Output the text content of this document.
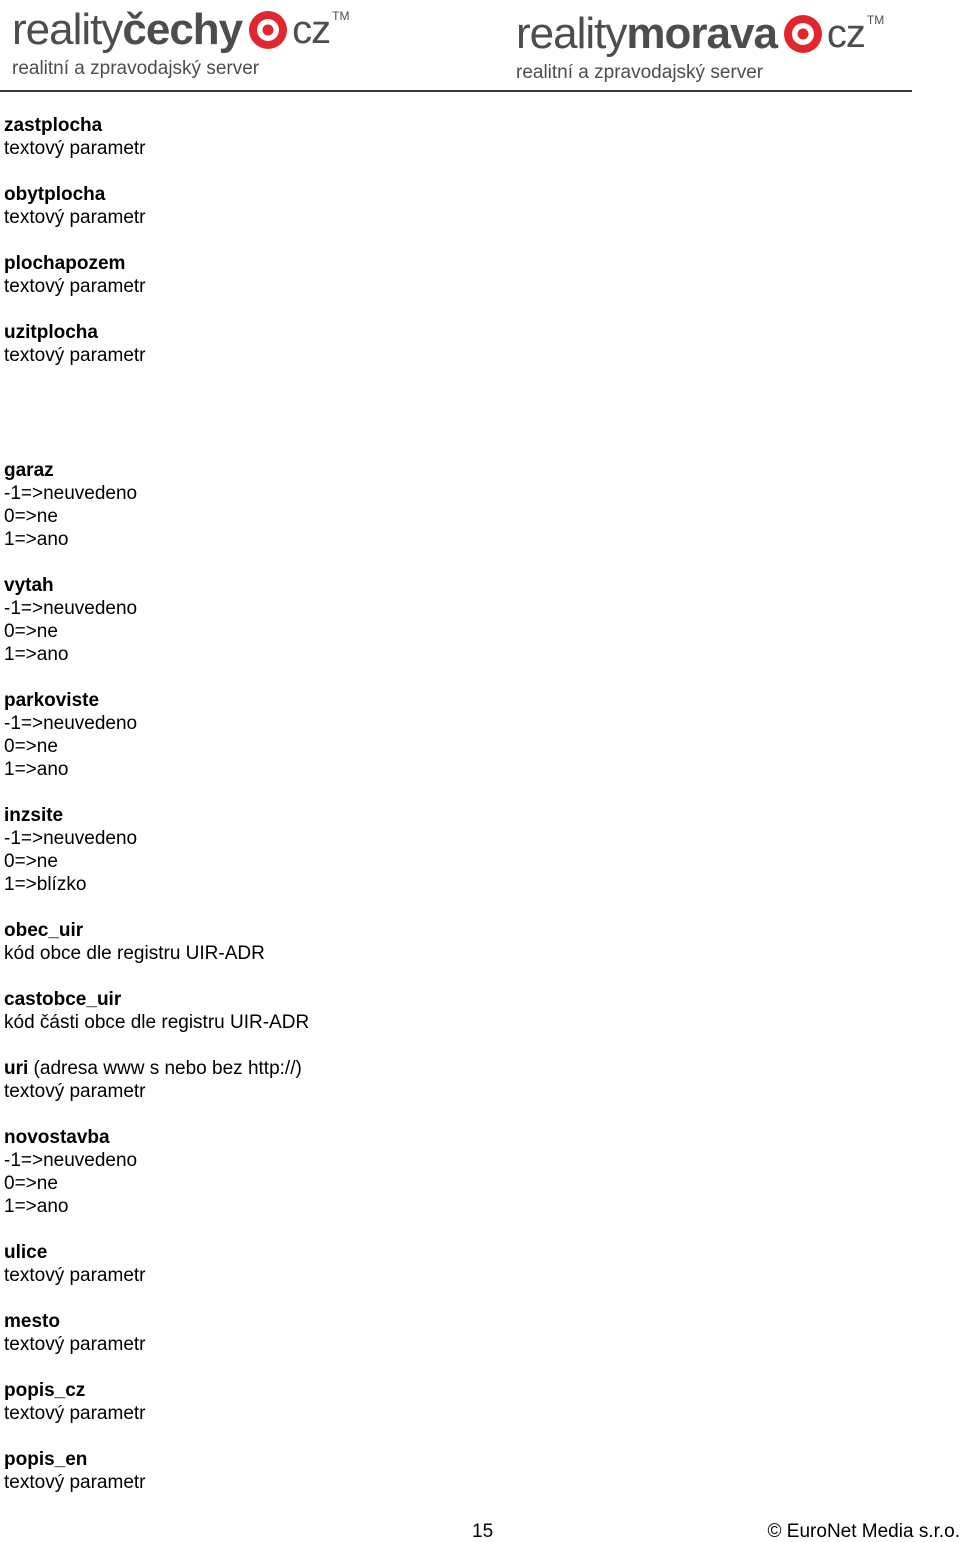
reality čechy cz TM
realitní a zpravodajský server
reality morava cz TM
realitní a zpravodajský server
zastplocha
textový parametr
obytplocha
textový parametr
plochapozem
textový parametr
uzitplocha
textový parametr
garaz
-1=>neuvedeno
0=>ne
1=>ano
vytah
-1=>neuvedeno
0=>ne
1=>ano
parkoviste
-1=>neuvedeno
0=>ne
1=>ano
inzsite
-1=>neuvedeno
0=>ne
1=>blízko
obec_uir
kód obce dle registru UIR-ADR
castobce_uir
kód části obce dle registru UIR-ADR
uri (adresa www s nebo bez http://)
textový parametr
novostavba
-1=>neuvedeno
0=>ne
1=>ano
ulice
textový parametr
mesto
textový parametr
popis_cz
textový parametr
popis_en
textový parametr
15	© EuroNet Media s.r.o.
